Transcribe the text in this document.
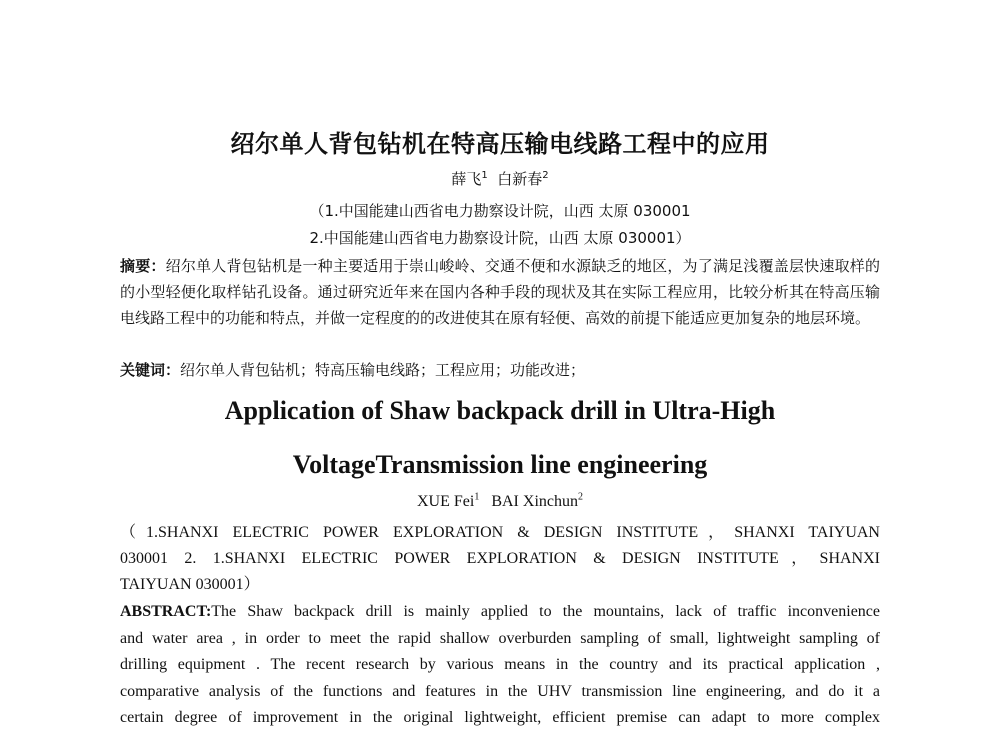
绍尔单人背包钻机在特高压输电线路工程中的应用
薛飞$^1$ 白新春$^2$
（1.中国能建山西省电力勘察设计院，山西 太原 030001
2.中国能建山西省电力勘察设计院，山西 太原 030001）
摘要：绍尔单人背包钻机是一种主要适用于崇山峻岭、交通不便和水源缺乏的地区，为了满足浅覆盖层快速取样的的小型轻便化取样钻孔设备。通过研究近年来在国内各种手段的现状及其在实际工程应用，比较分析其在特高压输电线路工程中的功能和特点，并做一定程度的的改进使其在原有轻便、高效的前提下能适应更加复杂的地层环境。
关键词：绍尔单人背包钻机；特高压输电线路；工程应用；功能改进；
Application of Shaw backpack drill in Ultra-High
VoltageTransmission line engineering
XUE Fei$^1$ BAI Xinchun$^2$
（1.SHANXI ELECTRIC POWER EXPLORATION & DESIGN INSTITUTE，SHANXI TAIYUAN
030001 2. 1.SHANXI ELECTRIC POWER EXPLORATION & DESIGN INSTITUTE，SHANXI
TAIYUAN 030001）
ABSTRACT:The Shaw backpack drill is mainly applied to the mountains, lack of traffic inconvenience
and water area , in order to meet the rapid shallow overburden sampling of small, lightweight sampling of
drilling equipment . The recent research by various means in the country and its practical application ,
comparative analysis of the functions and features in the UHV transmission line engineering, and do it a
certain degree of improvement in the original lightweight, efficient premise can adapt to more complex
